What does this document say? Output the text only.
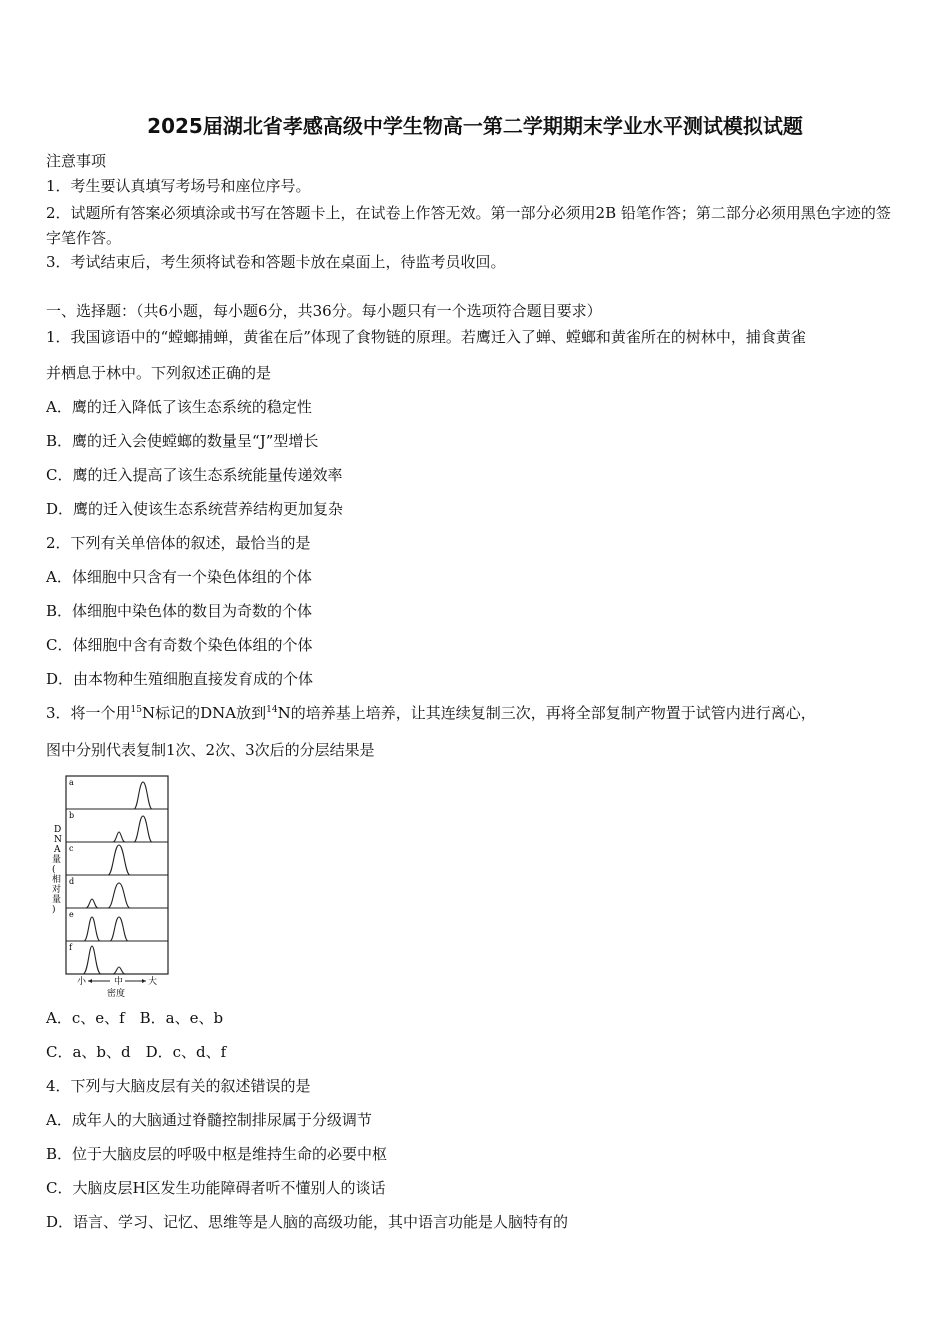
2025届湖北省孝感高级中学生物高一第二学期期末学业水平测试模拟试题
注意事项
1．考生要认真填写考场号和座位序号。
2．试题所有答案必须填涂或书写在答题卡上，在试卷上作答无效。第一部分必须用2B 铅笔作答；第二部分必须用黑色字迹的签字笔作答。
3．考试结束后，考生须将试卷和答题卡放在桌面上，待监考员收回。
一、选择题：（共6小题，每小题6分，共36分。每小题只有一个选项符合题目要求）
1．我国谚语中的“螳螂捕蝉，黄雀在后”体现了食物链的原理。若鹰迁入了蝉、螳螂和黄雀所在的树林中，捕食黄雀
并栖息于林中。下列叙述正确的是
A．鹰的迁入降低了该生态系统的稳定性
B．鹰的迁入会使螳螂的数量呈“J”型增长
C．鹰的迁入提高了该生态系统能量传递效率
D．鹰的迁入使该生态系统营养结构更加复杂
2．下列有关单倍体的叙述，最恰当的是
A．体细胞中只含有一个染色体组的个体
B．体细胞中染色体的数目为奇数的个体
C．体细胞中含有奇数个染色体组的个体
D．由本物种生殖细胞直接发育成的个体
3．将一个用$^{15}$N标记的DNA放到$^{14}$N的培养基上培养，让其连续复制三次，再将全部复制产物置于试管内进行离心，
图中分别代表复制1次、2次、3次后的分层结果是
D N A 量(相对量)
a
b
c
d
e
f
小	中	大
密度
A．c、e、f　B．a、e、b
C．a、b、d　D．c、d、f
4．下列与大脑皮层有关的叙述错误的是
A．成年人的大脑通过脊髓控制排尿属于分级调节
B．位于大脑皮层的呼吸中枢是维持生命的必要中枢
C．大脑皮层H区发生功能障碍者听不懂别人的谈话
D．语言、学习、记忆、思维等是人脑的高级功能，其中语言功能是人脑特有的
